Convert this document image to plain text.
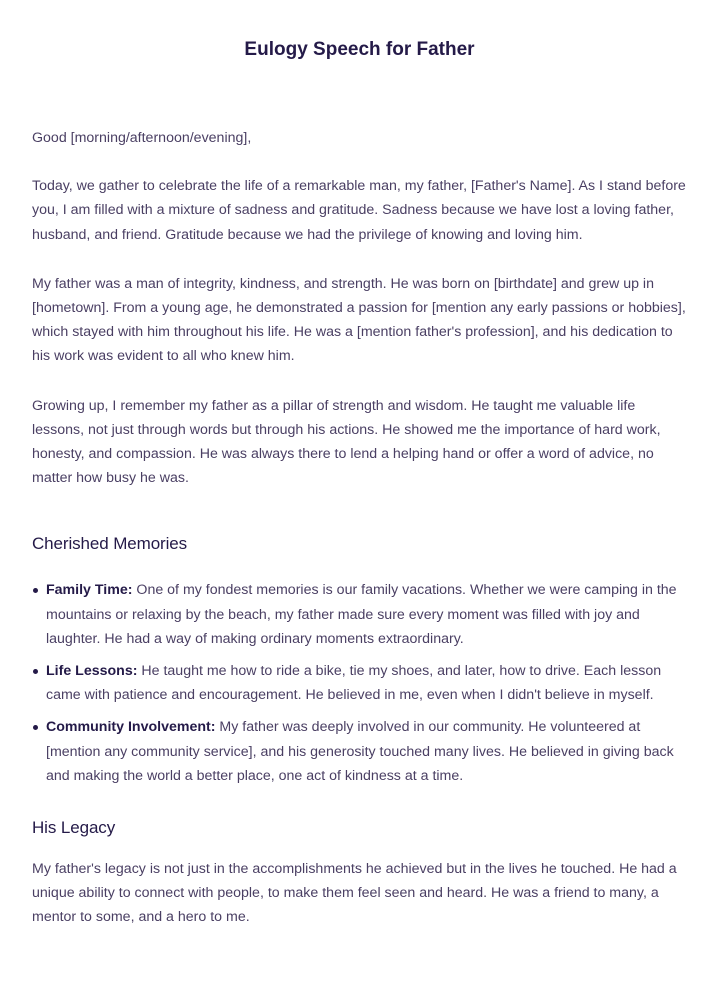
Eulogy Speech for Father

Good [morning/afternoon/evening],

Today, we gather to celebrate the life of a remarkable man, my father, [Father's Name]. As I stand before you, I am filled with a mixture of sadness and gratitude. Sadness because we have lost a loving father, husband, and friend. Gratitude because we had the privilege of knowing and loving him.

My father was a man of integrity, kindness, and strength. He was born on [birthdate] and grew up in [hometown]. From a young age, he demonstrated a passion for [mention any early passions or hobbies], which stayed with him throughout his life. He was a [mention father's profession], and his dedication to his work was evident to all who knew him.

Growing up, I remember my father as a pillar of strength and wisdom. He taught me valuable life lessons, not just through words but through his actions. He showed me the importance of hard work, honesty, and compassion. He was always there to lend a helping hand or offer a word of advice, no matter how busy he was.

Cherished Memories
Family Time: One of my fondest memories is our family vacations. Whether we were camping in the mountains or relaxing by the beach, my father made sure every moment was filled with joy and laughter. He had a way of making ordinary moments extraordinary.
Life Lessons: He taught me how to ride a bike, tie my shoes, and later, how to drive. Each lesson came with patience and encouragement. He believed in me, even when I didn't believe in myself.
Community Involvement: My father was deeply involved in our community. He volunteered at [mention any community service], and his generosity touched many lives. He believed in giving back and making the world a better place, one act of kindness at a time.
His Legacy

My father's legacy is not just in the accomplishments he achieved but in the lives he touched. He had a unique ability to connect with people, to make them feel seen and heard. He was a friend to many, a mentor to some, and a hero to me.
